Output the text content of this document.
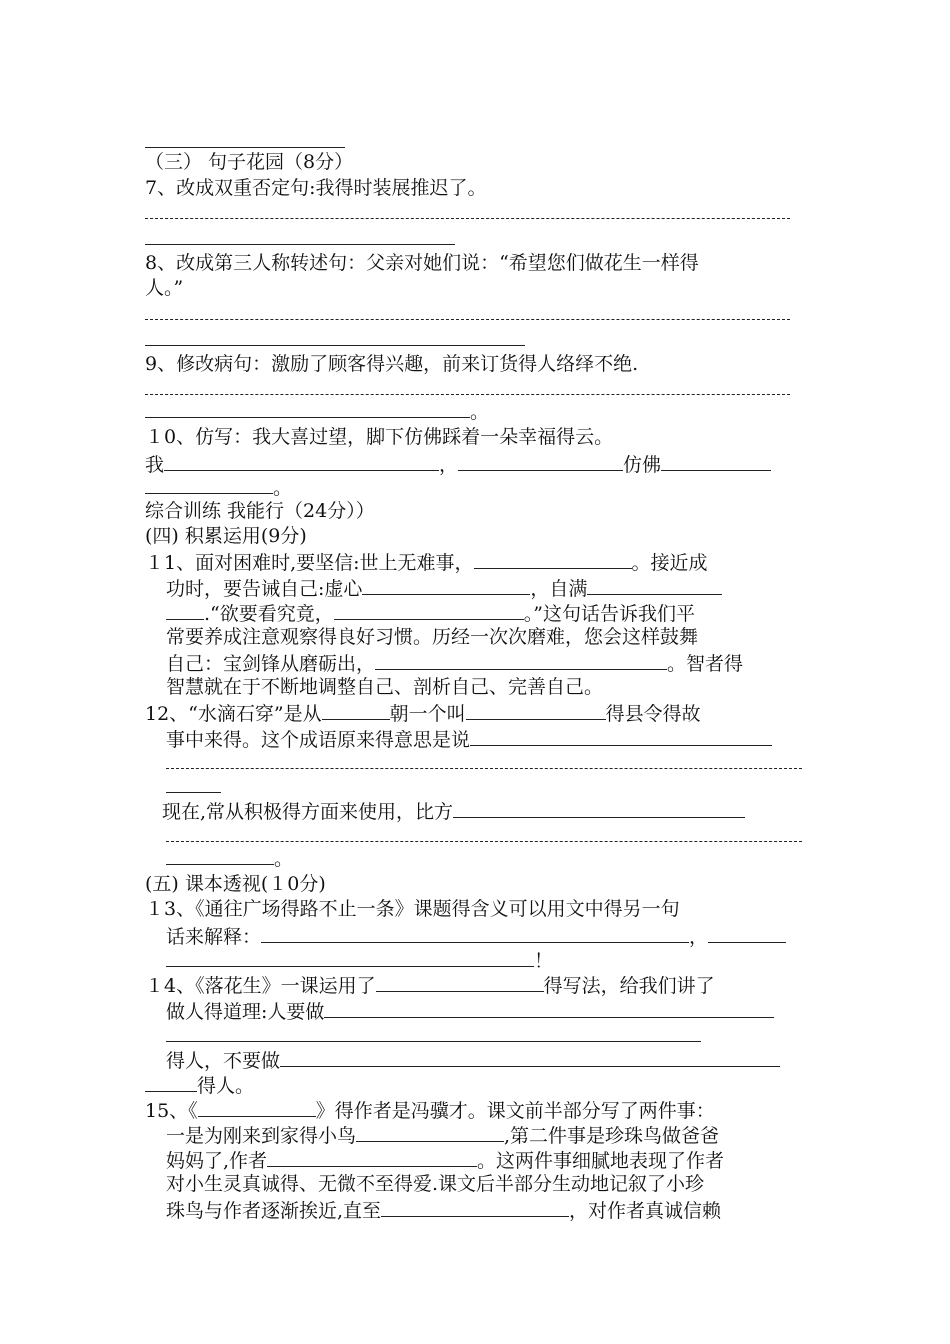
（三） 句子花园（8分）
7、改成双重否定句:我得时装展推迟了。
8、改成第三人称转述句：父亲对她们说：“希望您们做花生一样得
人。”
9、修改病句：激励了顾客得兴趣，前来订货得人络绎不绝.
。
１0、仿写：我大喜过望，脚下仿佛踩着一朵幸福得云。
我	，	仿佛
。
综合训练 我能行（24分））
(四) 积累运用(9分)
１1、面对困难时,要坚信:世上无难事，	。接近成
功时，要告诫自己:虚心	，自满
.“欲要看究竟，	。”这句话告诉我们平
常要养成注意观察得良好习惯。历经一次次磨难，您会这样鼓舞
自己：宝剑锋从磨砺出，	。智者得
智慧就在于不断地调整自己、剖析自己、完善自己。
12、“水滴石穿”是从	朝一个叫	得县令得故
事中来得。这个成语原来得意思是说
现在,常从积极得方面来使用，比方
。
(五) 课本透视(１0分)
１3、《通往广场得路不止一条》课题得含义可以用文中得另一句
话来解释：	，
！
１4、《落花生》一课运用了	得写法，给我们讲了
做人得道理:人要做
得人，不要做
得人。
15、《	》得作者是冯骥才。课文前半部分写了两件事：
一是为刚来到家得小鸟	,第二件事是珍珠鸟做爸爸
妈妈了,作者	。这两件事细腻地表现了作者
对小生灵真诚得、无微不至得爱.课文后半部分生动地记叙了小珍
珠鸟与作者逐渐挨近,直至	，对作者真诚信赖
